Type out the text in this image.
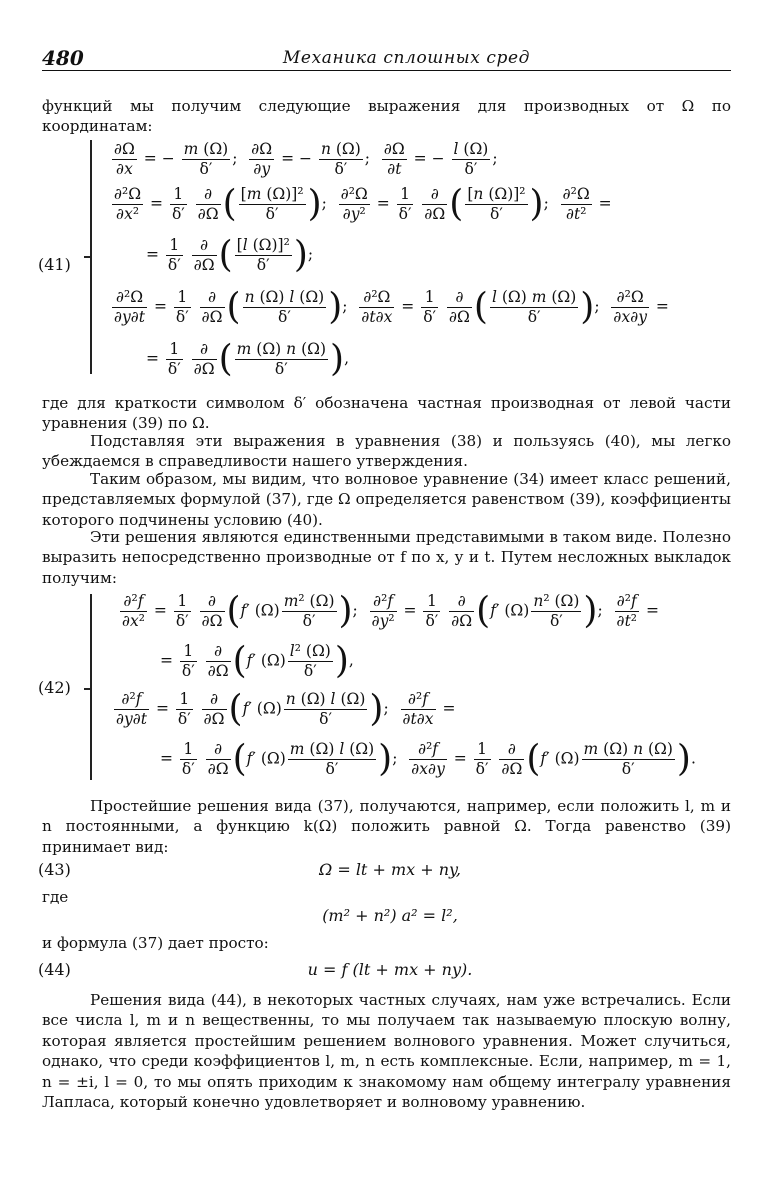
480	Механика сплошных сред
функций мы получим следующие выражения для производных от Ω по координатам:
(41)
$\frac{\partial\Omega}{\partial x}$ = − $\frac{m (\Omega)}{\delta'}$ ; $\frac{\partial\Omega}{\partial y}$ = − $\frac{n (\Omega)}{\delta'}$ ; $\frac{\partial\Omega}{\partial t}$ = − $\frac{l (\Omega)}{\delta'}$ ;
$\frac{\text{∂²Ω}}{\text{∂x²}} = \frac{1}{\delta'}$
$\frac{\partial}{\partial\Omega}$ ( $\frac{\text{[m (Ω)]²}}{\delta'}$ ); $\frac{\text{∂²Ω}}{\text{∂y²}} = \frac{1}{\delta'}$
$\frac{\partial}{\partial\Omega}$ ( $\frac{\text{[n (Ω)]²}}{\delta'}$ ); $\frac{\text{∂²Ω}}{\text{∂t²}}$ =
= $\frac{1}{\delta'}$
$\frac{\partial}{\partial\Omega}$ ( $\frac{\text{[l (Ω)]²}}{\delta'}$ );
$\frac{\text{∂²Ω}}{\partial y\partial t} = \frac{1}{\delta'}$
$\frac{\partial}{\partial\Omega}$ ( $\frac{n (\Omega) l (\Omega)}{\delta'}$ ); $\frac{\text{∂²Ω}}{\partial t\partial x} = \frac{1}{\delta'}$
$\frac{\partial}{\partial\Omega}$ ( $\frac{l (\Omega) m (\Omega)}{\delta'}$ ); $\frac{\text{∂²Ω}}{\partial x\partial y}$ =
= $\frac{1}{\delta'}$
$\frac{\partial}{\partial\Omega}$ ( $\frac{m (\Omega) n (\Omega)}{\delta'}$ ),
где для краткости символом δ′ обозначена частная производная от левой части уравнения (39) по Ω.
Подставляя эти выражения в уравнения (38) и пользуясь (40), мы легко убеждаемся в справедливости нашего утверждения.
Таким образом, мы видим, что волновое уравнение (34) имеет класс решений, представляемых формулой (37), где Ω определяется равенством (39), коэффициенты которого подчинены условию (40).
Эти решения являются единственными представимыми в таком виде. Полезно выразить непосредственно производные от f по x, y и t. Путем несложных выкладок получим:
(42)
$\frac{\text{∂²f}}{\text{∂x²}} = \frac{1}{\delta'}$
$\frac{\partial}{\partial\Omega} (f'$ $(\Omega) \frac{\text{m² (Ω)}}{\delta'}$ ); $\frac{\text{∂²f}}{\text{∂y²}} = \frac{1}{\delta'}$
$\frac{\partial}{\partial\Omega} (f'$ $(\Omega) \frac{\text{n² (Ω)}}{\delta'}$ ); $\frac{\text{∂²f}}{\text{∂t²}}$ =
= $\frac{1}{\delta'}$
$\frac{\partial}{\partial\Omega} (f'$ $(\Omega) \frac{\text{l² (Ω)}}{\delta'}$ ),
$\frac{\text{∂²f}}{\partial y\partial t} = \frac{1}{\delta'}$
$\frac{\partial}{\partial\Omega} (f'$ $(\Omega) \frac{n (\Omega) l (\Omega)}{\delta'}$ ); $\frac{\text{∂²f}}{\partial t\partial x}$ =
= $\frac{1}{\delta'}$
$\frac{\partial}{\partial\Omega} (f'$ $(\Omega) \frac{m (\Omega) l (\Omega)}{\delta'}$ ); $\frac{\text{∂²f}}{\partial x\partial y} = \frac{1}{\delta'}$
$\frac{\partial}{\partial\Omega} (f'$ $(\Omega) \frac{m (\Omega) n (\Omega)}{\delta'}$ ).
Простейшие решения вида (37), получаются, например, если положить l, m и n постоянными, а функцию k(Ω) положить равной Ω. Тогда равенство (39) принимает вид:
(43)	Ω = lt + mx + ny,
где
(m² + n²) a² = l²,
и формула (37) дает просто:
(44)	u = f (lt + mx + ny).
Решения вида (44), в некоторых частных случаях, нам уже встречались. Если все числа l, m и n вещественны, то мы получаем так называемую плоскую волну, которая является простейшим решением волнового уравнения. Может случиться, однако, что среди коэффициентов l, m, n есть комплексные. Если, например, m = 1, n = ±i, l = 0, то мы опять приходим к знакомому нам общему интегралу уравнения Лапласа, который конечно удовлетворяет и волновому уравнению.
